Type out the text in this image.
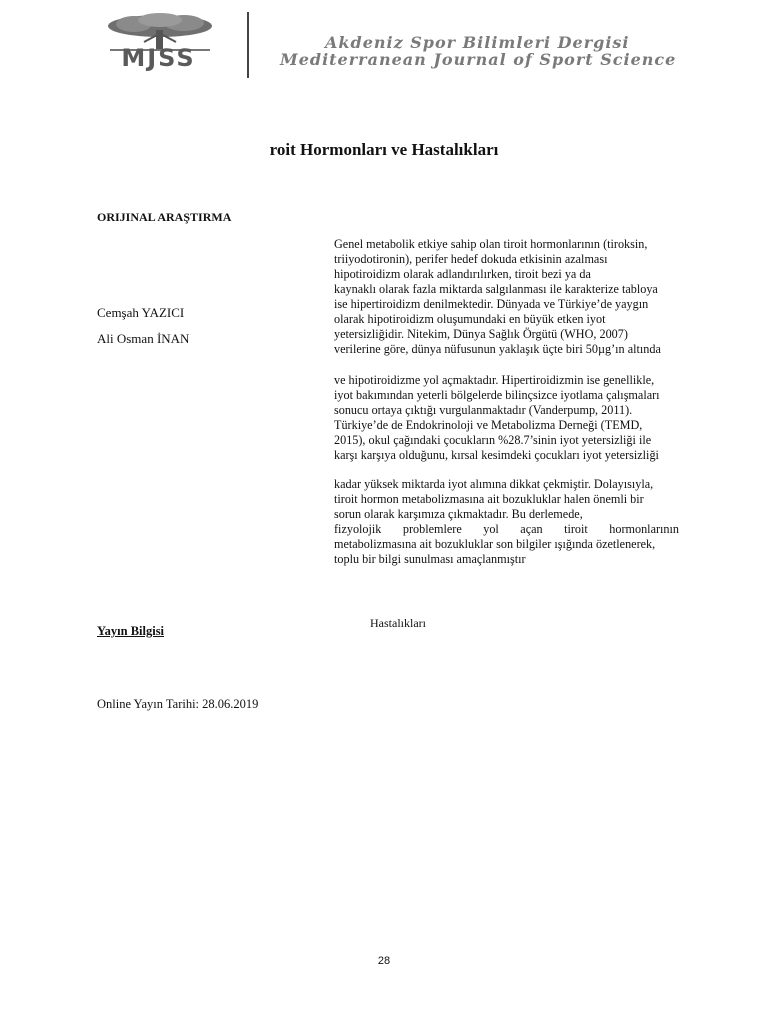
MJSS
Akdeniz Spor Bilimleri Dergisi
Mediterranean Journal of Sport Science
roit Hormonları ve Hastalıkları
ORIJINAL ARAŞTIRMA
Cemşah YAZICI
Ali Osman İNAN

Genel metabolik etkiye sahip olan tiroit hormonlarının (tiroksin,

triiyodotironin), perifer hedef dokuda etkisinin azalması

hipotiroidizm olarak adlandırılırken, tiroit bezi ya da

kaynaklı olarak fazla miktarda salgılanması ile karakterize tabloya

ise hipertiroidizm denilmektedir. Dünyada ve Türkiye’de yaygın

olarak hipotiroidizm oluşumundaki en büyük etken iyot

yetersizliğidir. Nitekim, Dünya Sağlık Örgütü (WHO, 2007)

verilerine göre, dünya nüfusunun yaklaşık üçte biri 50µg’ın altında

ve hipotiroidizme yol açmaktadır. Hipertiroidizmin ise genellikle,

iyot bakımından yeterli bölgelerde bilinçsizce iyotlama çalışmaları

sonucu ortaya çıktığı vurgulanmaktadır (Vanderpump, 2011).

Türkiye’de de Endokrinoloji ve Metabolizma Derneği (TEMD,

2015), okul çağındaki çocukların %28.7’sinin iyot yetersizliği ile

karşı karşıya olduğunu, kırsal kesimdeki çocukları iyot yetersizliği

kadar yüksek miktarda iyot alımına dikkat çekmiştir. Dolayısıyla,

tiroit hormon metabolizmasına ait bozukluklar halen önemli bir

sorun olarak karşımıza çıkmaktadır. Bu derlemede,

fizyolojik problemlere yol açan tiroit hormonlarının

metabolizmasına ait bozukluklar son bilgiler ışığında özetlenerek,

toplu bir bilgi sunulması amaçlanmıştır

Hastalıkları
Yayın Bilgisi
Online Yayın Tarihi: 28.06.2019
28
